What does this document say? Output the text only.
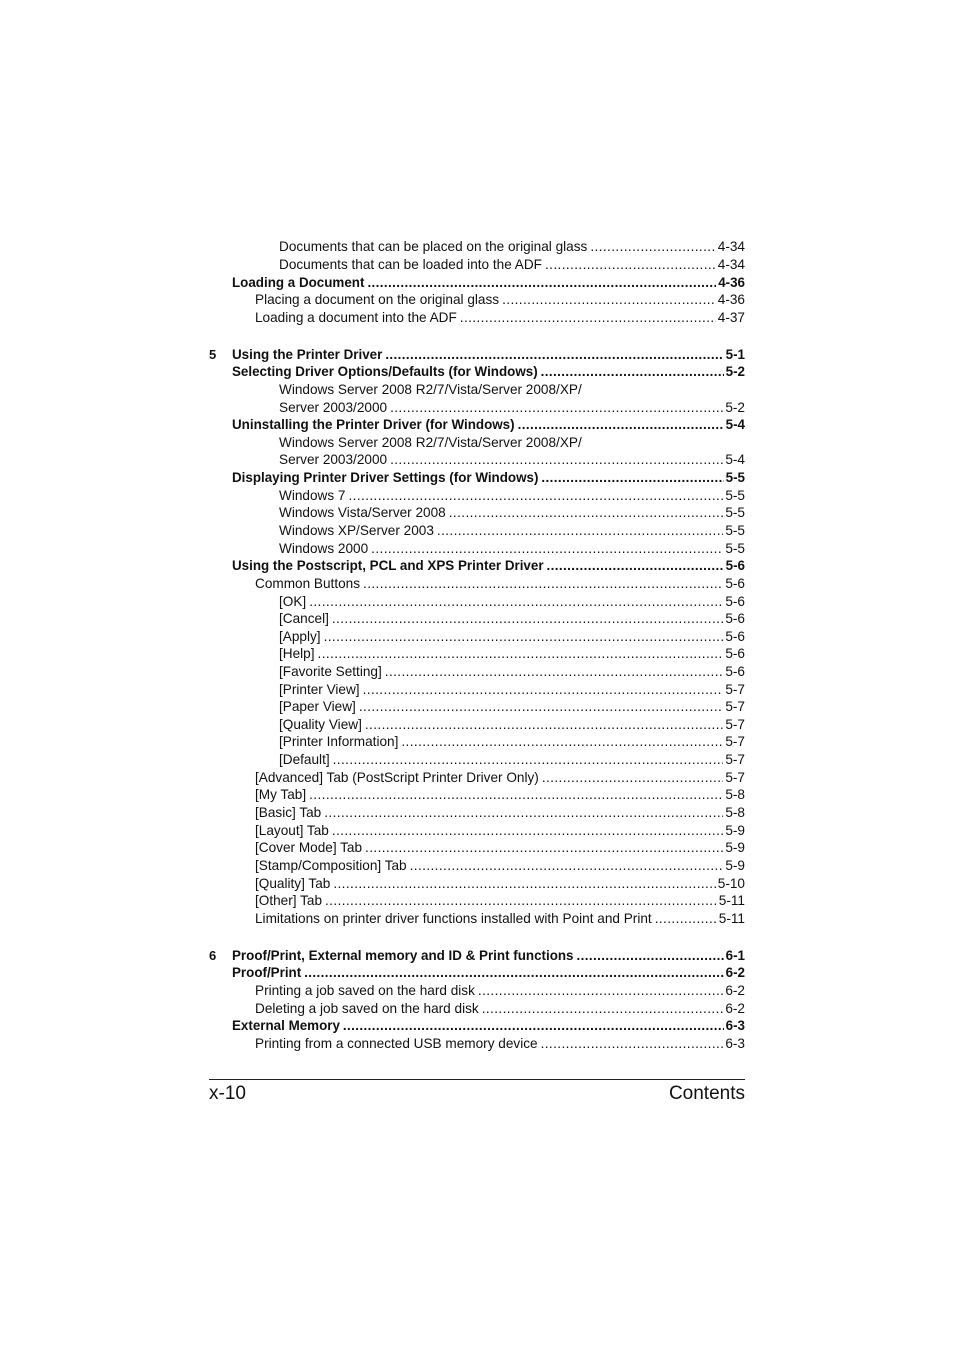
Documents that can be placed on the original glass .....	4-34
Documents that can be loaded into the ADF .....	4-34
Loading a Document .....	4-36
Placing a document on the original glass .....	4-36
Loading a document into the ADF .....	4-37
5 Using the Printer Driver .....	5-1
Selecting Driver Options/Defaults (for Windows) .....	5-2
Windows Server 2008 R2/7/Vista/Server 2008/XP/
Server 2003/2000 .....	5-2
Uninstalling the Printer Driver (for Windows) .....	5-4
Windows Server 2008 R2/7/Vista/Server 2008/XP/
Server 2003/2000 .....	5-4
Displaying Printer Driver Settings (for Windows) .....	5-5
Windows 7 .....	5-5
Windows Vista/Server 2008 .....	5-5
Windows XP/Server 2003 .....	5-5
Windows 2000 .....	5-5
Using the Postscript, PCL and XPS Printer Driver .....	5-6
Common Buttons .....	5-6
[OK] .....	5-6
[Cancel] .....	5-6
[Apply] .....	5-6
[Help] .....	5-6
[Favorite Setting] .....	5-6
[Printer View] .....	5-7
[Paper View] .....	5-7
[Quality View] .....	5-7
[Printer Information] .....	5-7
[Default] .....	5-7
[Advanced] Tab (PostScript Printer Driver Only) .....	5-7
[My Tab] .....	5-8
[Basic] Tab .....	5-8
[Layout] Tab .....	5-9
[Cover Mode] Tab .....	5-9
[Stamp/Composition] Tab .....	5-9
[Quality] Tab .....	5-10
[Other] Tab .....	5-11
Limitations on printer driver functions installed with Point and Print .....	5-11
6 Proof/Print, External memory and ID & Print functions .....	6-1
Proof/Print .....	6-2
Printing a job saved on the hard disk .....	6-2
Deleting a job saved on the hard disk .....	6-2
External Memory .....	6-3
Printing from a connected USB memory device .....	6-3
x-10	Contents
